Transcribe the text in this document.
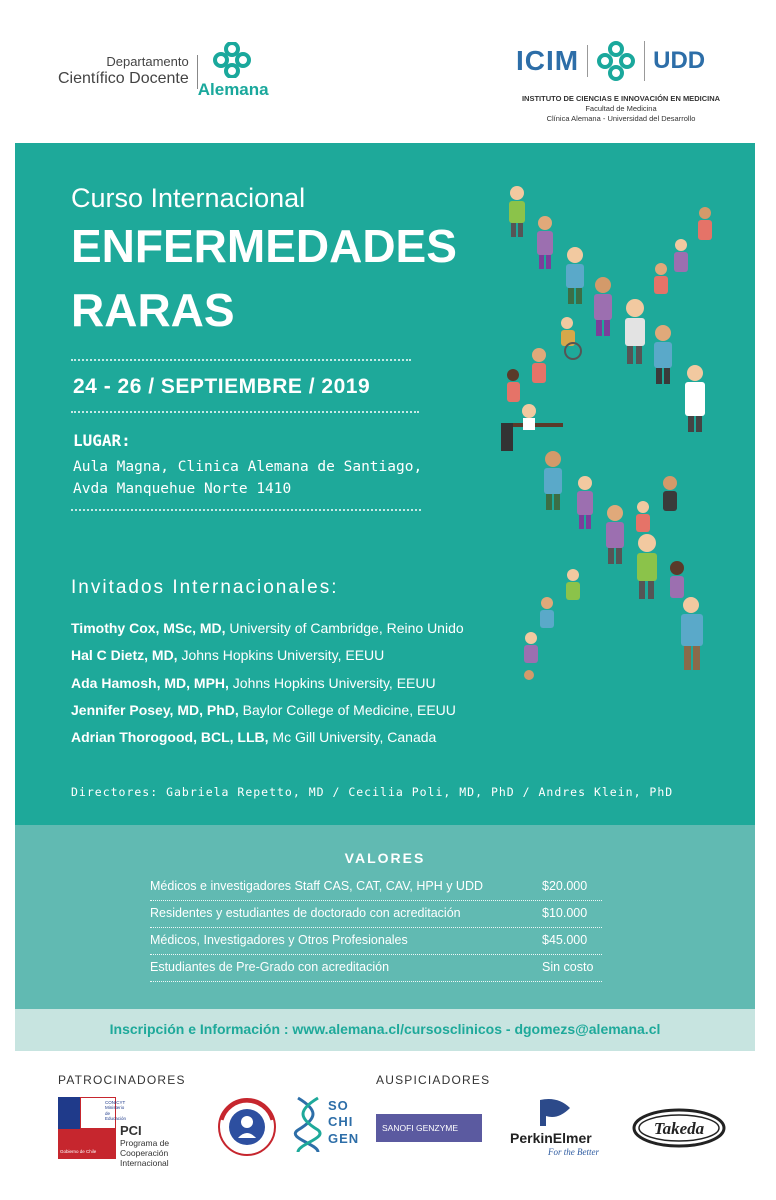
Departamento
Científico Docente
Alemana
ICIM	UDD
INSTITUTO DE CIENCIAS E INNOVACIÓN EN MEDICINA
Facultad de Medicina
Clínica Alemana - Universidad del Desarrollo
Curso Internacional
ENFERMEDADES
RARAS
24 - 26 / SEPTIEMBRE / 2019
LUGAR:
Aula Magna, Clinica Alemana de Santiago,
Avda Manquehue Norte 1410
Invitados Internacionales:
Timothy Cox, MSc, MD, University of Cambridge, Reino Unido
Hal C Dietz, MD, Johns Hopkins University, EEUU
Ada Hamosh, MD, MPH, Johns Hopkins University, EEUU
Jennifer Posey, MD, PhD, Baylor College of Medicine, EEUU
Adrian Thorogood, BCL, LLB, Mc Gill University, Canada
Directores: Gabriela Repetto, MD / Cecilia Poli, MD, PhD / Andres Klein, PhD
VALORES
Médicos e investigadores Staff CAS, CAT, CAV, HPH y UDD	$20.000
Residentes y estudiantes de doctorado con acreditación	$10.000
Médicos, Investigadores y Otros Profesionales	$45.000
Estudiantes de Pre-Grado con acreditación	Sin costo
Inscripción e Información : www.alemana.cl/cursosclinicos - dgomezs@alemana.cl
PATROCINADORES	AUSPICIADORES
CONICYT Ministerio de Educación
Gobierno de Chile
PCI
Programa de Cooperación Internacional
SO
CHI
GEN
SANOFI GENZYME
PerkinElmer
For the Better
Takeda
